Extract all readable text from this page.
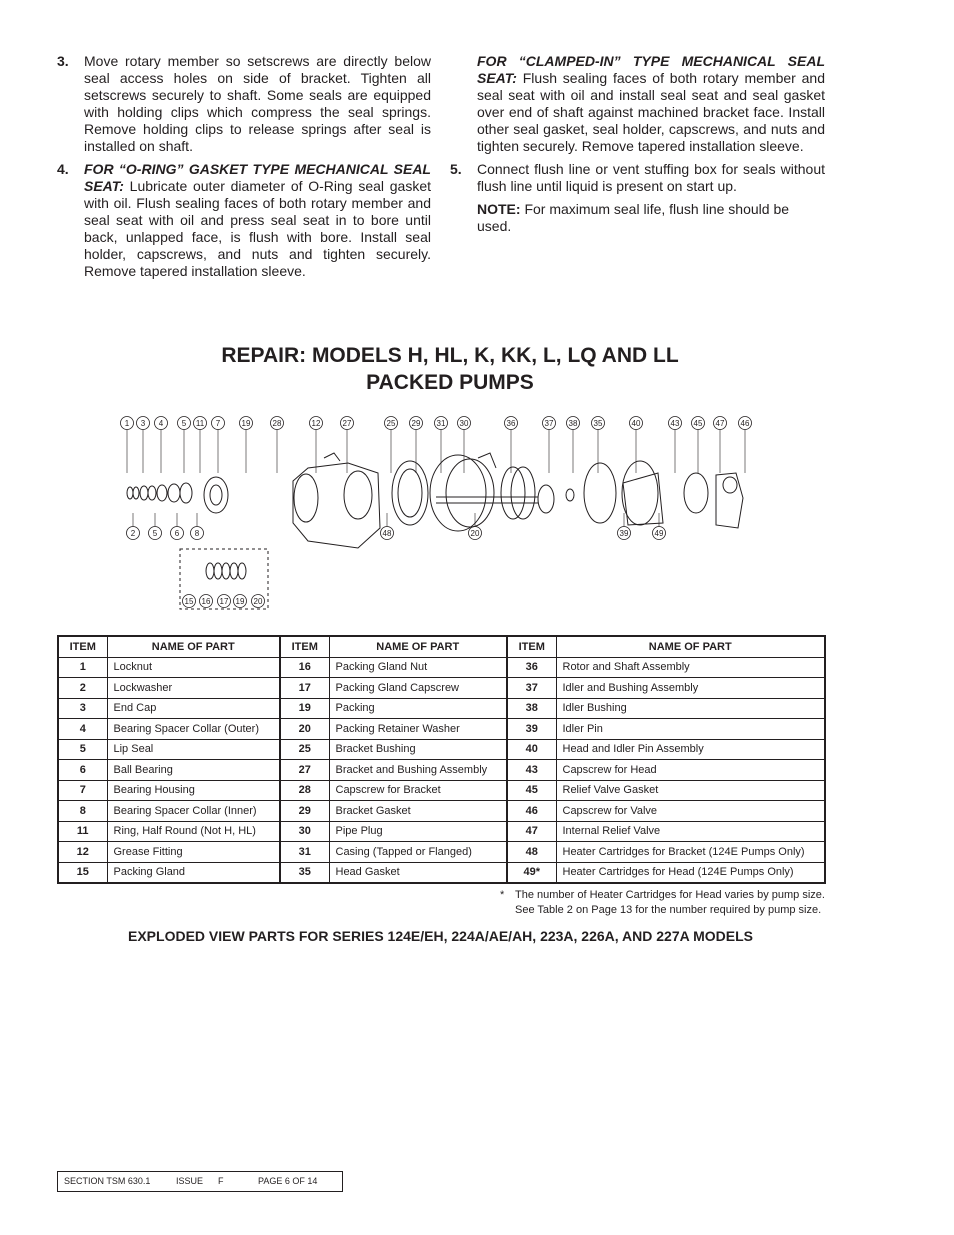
3.	Move rotary member so setscrews are directly below seal access holes on side of bracket. Tighten all setscrews securely to shaft. Some seals are equipped with holding clips which compress the seal springs. Remove holding clips to release springs after seal is installed on shaft.
4.	FOR “O-RING” GASKET TYPE MECHANICAL SEAL SEAT: Lubricate outer diameter of O-Ring seal gasket with oil. Flush sealing faces of both rotary member and seal seat with oil and press seal seat in to bore until back, unlapped face, is flush with bore. Install seal holder, capscrews, and nuts and tighten securely. Remove tapered installation sleeve.
FOR “CLAMPED-IN” TYPE MECHANICAL SEAL SEAT: Flush sealing faces of both rotary member and seal seat with oil and install seal seat and seal gasket over end of shaft against machined bracket face. Install other seal gasket, seal holder, capscrews, and nuts and tighten securely. Remove tapered installation sleeve.
5.	Connect flush line or vent stuffing box for seals without flush line until liquid is present on start up.
NOTE: For maximum seal life, flush line should be used.
REPAIR: MODELS H, HL, K, KK, L, LQ AND LL
PACKED PUMPS
1 3 4 5 11 7	19	28	12	27	25 29 31 30	36	37 38 35	40	43 45 47 46
2 5 6 8	48	20	39	49
15 16 17 19 20
ITEM	NAME OF PART	ITEM	NAME OF PART	ITEM	NAME OF PART
1	Locknut	16	Packing Gland Nut	36	Rotor and Shaft Assembly
2	Lockwasher	17	Packing Gland Capscrew	37	Idler and Bushing Assembly
3	End Cap	19	Packing	38	Idler Bushing
4	Bearing Spacer Collar (Outer)	20	Packing Retainer Washer	39	Idler Pin
5	Lip Seal	25	Bracket Bushing	40	Head and Idler Pin Assembly
6	Ball Bearing	27	Bracket and Bushing Assembly	43	Capscrew for Head
7	Bearing Housing	28	Capscrew for Bracket	45	Relief Valve Gasket
8	Bearing Spacer Collar (Inner)	29	Bracket Gasket	46	Capscrew for Valve
11	Ring, Half Round (Not H, HL)	30	Pipe Plug	47	Internal Relief Valve
12	Grease Fitting	31	Casing (Tapped or Flanged)	48	Heater Cartridges for Bracket (124E Pumps Only)
15	Packing Gland	35	Head Gasket	49*	Heater Cartridges for Head (124E Pumps Only)
* The number of Heater Cartridges for Head varies by pump size.
See Table 2 on Page 13 for the number required by pump size.
EXPLODED VIEW PARTS FOR SERIES 124E/EH, 224A/AE/AH, 223A, 226A, AND 227A MODELS
SECTION TSM 630.1	ISSUE F	PAGE 6 OF 14
